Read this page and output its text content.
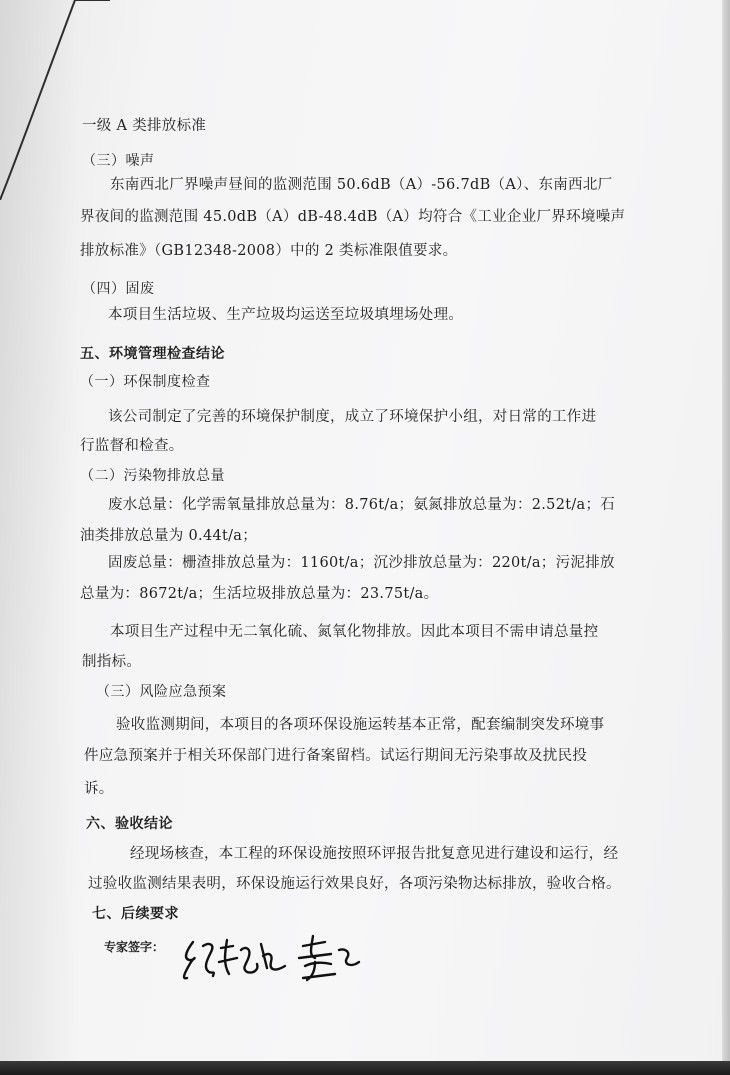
一级 A 类排放标准
（三）噪声
东南西北厂界噪声昼间的监测范围 50.6dB（A）-56.7dB（A）、东南西北厂
界夜间的监测范围 45.0dB（A）dB-48.4dB（A）均符合《工业企业厂界环境噪声
排放标准》（GB12348-2008）中的 2 类标准限值要求。
（四）固废
本项目生活垃圾、生产垃圾均运送至垃圾填埋场处理。
五、环境管理检查结论
（一）环保制度检查
该公司制定了完善的环境保护制度，成立了环境保护小组，对日常的工作进
行监督和检查。
（二）污染物排放总量
废水总量：化学需氧量排放总量为：8.76t/a；氨氮排放总量为：2.52t/a；石
油类排放总量为 0.44t/a；
固废总量：栅渣排放总量为：1160t/a；沉沙排放总量为：220t/a；污泥排放
总量为：8672t/a；生活垃圾排放总量为：23.75t/a。
本项目生产过程中无二氧化硫、氮氧化物排放。因此本项目不需申请总量控
制指标。
（三）风险应急预案
验收监测期间，本项目的各项环保设施运转基本正常，配套编制突发环境事
件应急预案并于相关环保部门进行备案留档。试运行期间无污染事故及扰民投
诉。
六、验收结论
经现场核查，本工程的环保设施按照环评报告批复意见进行建设和运行，经
过验收监测结果表明，环保设施运行效果良好，各项污染物达标排放，验收合格。
七、后续要求
专家签字：
